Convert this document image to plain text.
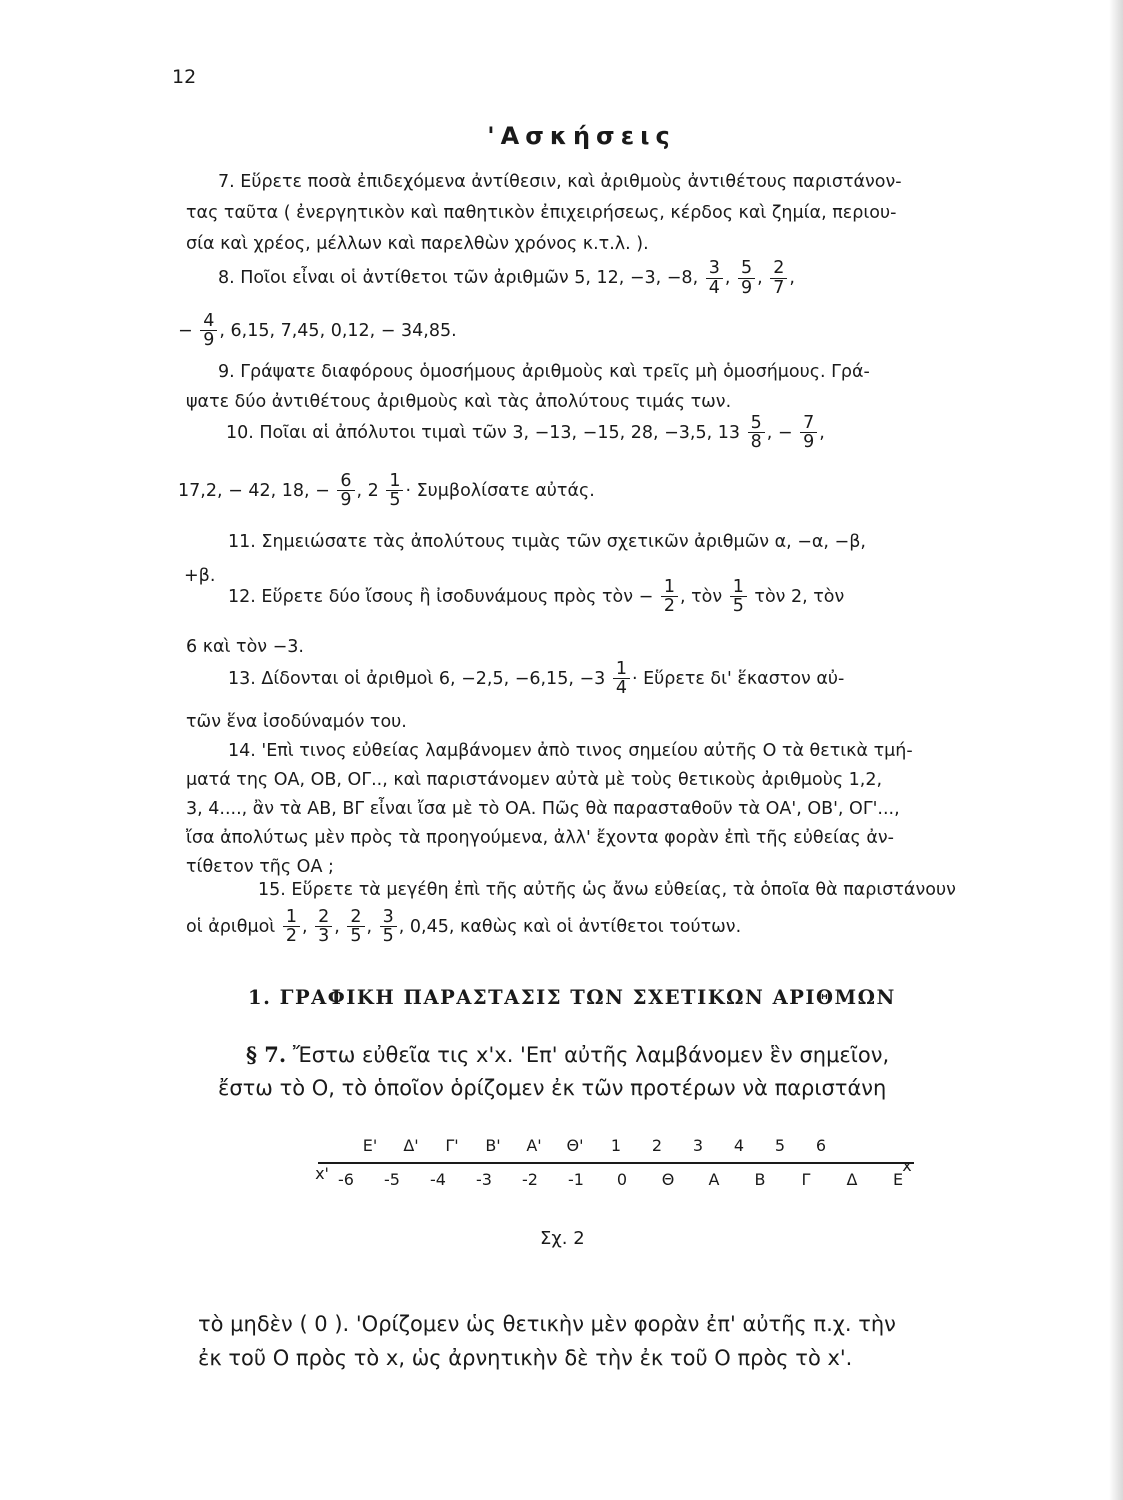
12
'Ασκήσεις
7. Εὕρετε ποσὰ ἐπιδεχόμενα ἀντίθεσιν, καὶ ἀριθμοὺς ἀντιθέτους παριστάνον-
τας ταῦτα ( ἐνεργητικὸν καὶ παθητικὸν ἐπιχειρήσεως, κέρδος καὶ ζημία, περιου-
σία καὶ χρέος, μέλλων καὶ παρελθὼν χρόνος κ.τ.λ. ).
8. Ποῖοι εἶναι οἱ ἀντίθετοι τῶν ἀριθμῶν 5, 12, −3, −8, $\frac{3}{4}$ , $\frac{5}{9}$ , $\frac{2}{7}$ ,
− $\frac{4}{9}$ , 6,15, 7,45, 0,12, − 34,85.
9. Γράψατε διαφόρους ὁμοσήμους ἀριθμοὺς καὶ τρεῖς μὴ ὁμοσήμους. Γρά-
ψατε δύο ἀντιθέτους ἀριθμοὺς καὶ τὰς ἀπολύτους τιμάς των.
10. Ποῖαι αἱ ἀπόλυτοι τιμαὶ τῶν 3, −13, −15, 28, −3,5, $13 \frac{5}{8}$ , − $\frac{7}{9}$ ,
17,2, − 42, 18, − $\frac{6}{9}$ , $2 \frac{1}{5} \cdot \Sigma\upsilon\mu\beta o\lambda ί\sigma\alpha\tau\varepsilon$ αὐτάς.
11. Σημειώσατε τὰς ἀπολύτους τιμὰς τῶν σχετικῶν ἀριθμῶν α, −α, −β,
+β.
12. Εὕρετε δύο ἴσους ἢ ἰσοδυνάμους πρὸς τὸν − $\frac{1}{2}$ , τὸν $\frac{1}{5}$ τὸν 2, τὸν
6 καὶ τὸν −3.
13. Δίδονται οἱ ἀριθμοὶ 6, −2,5, −6,15, $-3 \frac{1}{4}$ · Εὕρετε δι' ἕκαστον αὐ-
τῶν ἕνα ἰσοδύναμόν του.
14. 'Επὶ τινος εὐθείας λαμβάνομεν ἀπὸ τινος σημείου αὐτῆς Ο τὰ θετικὰ τμή-
ματά της ΟΑ, ΟΒ, ΟΓ.., καὶ παριστάνομεν αὐτὰ μὲ τοὺς θετικοὺς ἀριθμοὺς 1,2,
3, 4...., ἂν τὰ ΑΒ, ΒΓ εἶναι ἴσα μὲ τὸ ΟΑ. Πῶς θὰ παρασταθοῦν τὰ ΟΑ', ΟΒ', ΟΓ'...,
ἴσα ἀπολύτως μὲν πρὸς τὰ προηγούμενα, ἀλλ' ἔχοντα φορὰν ἐπὶ τῆς εὐθείας ἀν-
τίθετον τῆς ΟΑ ;
15. Εὕρετε τὰ μεγέθη ἐπὶ τῆς αὐτῆς ὡς ἄνω εὐθείας, τὰ ὁποῖα θὰ παριστάνουν
οἱ ἀριθμοὶ $\frac{1}{2}$ , $\frac{2}{3}$ , $\frac{2}{5}$ , $\frac{3}{5}$ , 0,45, καθὼς καὶ οἱ ἀντίθετοι τούτων.
1. ΓΡΑΦΙΚΗ ΠΑΡΑΣΤΑΣΙΣ ΤΩΝ ΣΧΕΤΙΚΩΝ ΑΡΙΘΜΩΝ
§ 7. Ἔστω εὐθεῖα τις x'x. 'Επ' αὐτῆς λαμβάνομεν ἓν σημεῖον,
ἔστω τὸ Ο, τὸ ὁποῖον ὁρίζομεν ἐκ τῶν προτέρων νὰ παριστάνη
x'	x
-6 -5 -4 -3 -2 -1 0 Θ Α Β Γ Δ Ε
Ε' Δ' Γ' Β' Α' Θ' 1 2 3 4 5 6
Σχ. 2
τὸ μηδὲν ( 0 ). 'Ορίζομεν ὡς θετικὴν μὲν φορὰν ἐπ' αὐτῆς π.χ. τὴν
ἐκ τοῦ Ο πρὸς τὸ x, ὡς ἀρνητικὴν δὲ τὴν ἐκ τοῦ Ο πρὸς τὸ x'.
